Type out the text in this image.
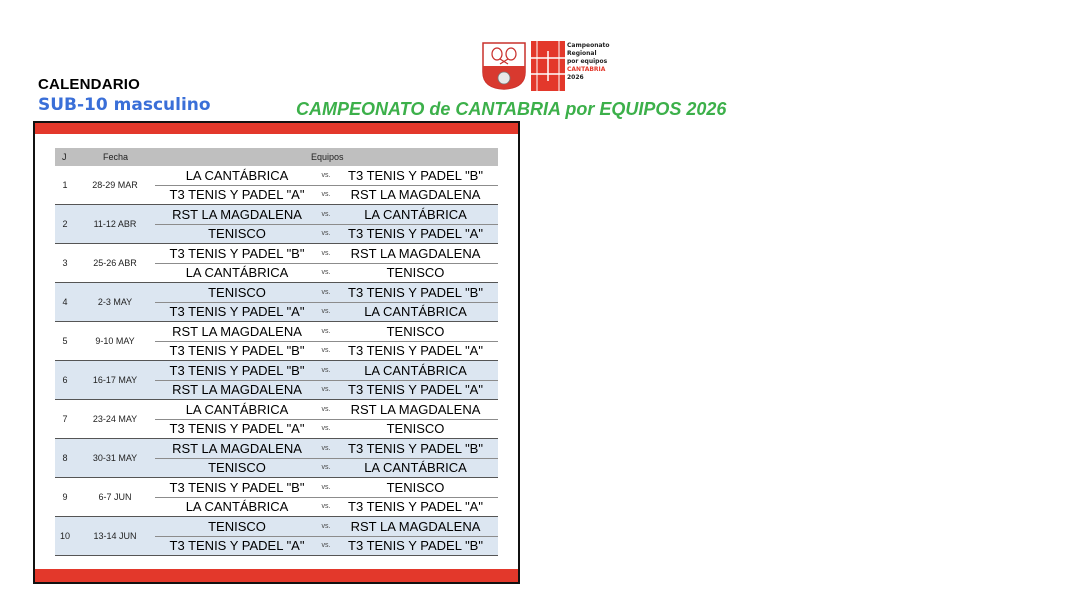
CALENDARIO
SUB-10 masculino	CAMPEONATO de CANTABRIA por EQUIPOS 2026
Campeonato
Regional
por equipos
CANTABRIA
2026
J	Fecha	Equipos
1	28-29 MAR
LA CANTÁBRICA	vs.	T3 TENIS Y PADEL "B"
T3 TENIS Y PADEL "A"	vs.	RST LA MAGDALENA
2	11-12 ABR
RST LA MAGDALENA	vs.	LA CANTÁBRICA
TENISCO	vs.	T3 TENIS Y PADEL "A"
3	25-26 ABR
T3 TENIS Y PADEL "B"	vs.	RST LA MAGDALENA
LA CANTÁBRICA	vs.	TENISCO
4	2-3 MAY
TENISCO	vs.	T3 TENIS Y PADEL "B"
T3 TENIS Y PADEL "A"	vs.	LA CANTÁBRICA
5	9-10 MAY
RST LA MAGDALENA	vs.	TENISCO
T3 TENIS Y PADEL "B"	vs.	T3 TENIS Y PADEL "A"
6	16-17 MAY
T3 TENIS Y PADEL "B"	vs.	LA CANTÁBRICA
RST LA MAGDALENA	vs.	T3 TENIS Y PADEL "A"
7	23-24 MAY
LA CANTÁBRICA	vs.	RST LA MAGDALENA
T3 TENIS Y PADEL "A"	vs.	TENISCO
8	30-31 MAY
RST LA MAGDALENA	vs.	T3 TENIS Y PADEL "B"
TENISCO	vs.	LA CANTÁBRICA
9	6-7 JUN
T3 TENIS Y PADEL "B"	vs.	TENISCO
LA CANTÁBRICA	vs.	T3 TENIS Y PADEL "A"
10	13-14 JUN
TENISCO	vs.	RST LA MAGDALENA
T3 TENIS Y PADEL "A"	vs.	T3 TENIS Y PADEL "B"
